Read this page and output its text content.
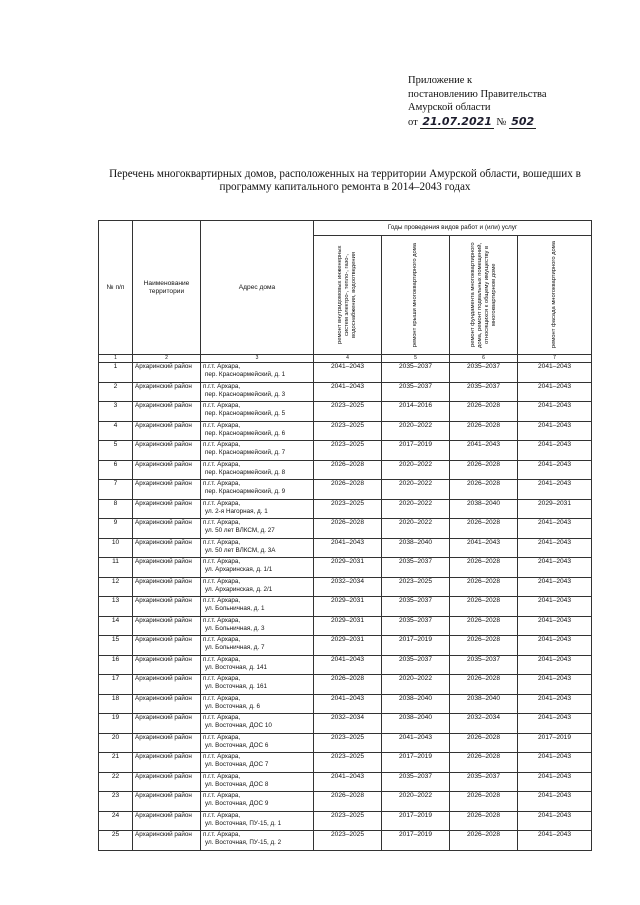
Приложение к
постановлению Правительства
Амурской области
от 21.07.2021 № 502
Перечень многоквартирных домов, расположенных на территории Амурской области, вошедших в программу капитального ремонта в 2014–2043 годах
№ п/п	Наименование территории	Адрес дома	Годы проведения видов работ и (или) услуг			

			ремонт внутридомовых инженерных систем электро-, тепло-, газо-, водоснабжения, водоотведения	ремонт крыши многоквартирного дома	ремонт фундамента многоквартирного дома, ремонт подвальных помещений, относящихся к общему имуществу в многоквартирном доме	ремонт фасада многоквартирного дома

1	2	3	4	5	6	7
1	Архаринский район	п.г.т. Архара,
пер. Красноармейский, д. 1	2041–2043	2035–2037	2035–2037	2041–2043
2	Архаринский район	п.г.т. Архара,
пер. Красноармейский, д. 3	2041–2043	2035–2037	2035–2037	2041–2043
3	Архаринский район	п.г.т. Архара,
пер. Красноармейский, д. 5	2023–2025	2014–2016	2026–2028	2041–2043
4	Архаринский район	п.г.т. Архара,
пер. Красноармейский, д. 6	2023–2025	2020–2022	2026–2028	2041–2043
5	Архаринский район	п.г.т. Архара,
пер. Красноармейский, д. 7	2023–2025	2017–2019	2041–2043	2041–2043
6	Архаринский район	п.г.т. Архара,
пер. Красноармейский, д. 8	2026–2028	2020–2022	2026–2028	2041–2043
7	Архаринский район	п.г.т. Архара,
пер. Красноармейский, д. 9	2026–2028	2020–2022	2026–2028	2041–2043
8	Архаринский район	п.г.т. Архара,
ул. 2-я Нагорная, д. 1	2023–2025	2020–2022	2038–2040	2029–2031
9	Архаринский район	п.г.т. Архара,
ул. 50 лет ВЛКСМ, д. 27	2026–2028	2020–2022	2026–2028	2041–2043
10	Архаринский район	п.г.т. Архара,
ул. 50 лет ВЛКСМ, д. 3А	2041–2043	2038–2040	2041–2043	2041–2043
11	Архаринский район	п.г.т. Архара,
ул. Архаринская, д. 1/1	2029–2031	2035–2037	2026–2028	2041–2043
12	Архаринский район	п.г.т. Архара,
ул. Архаринская, д. 2/1	2032–2034	2023–2025	2026–2028	2041–2043
13	Архаринский район	п.г.т. Архара,
ул. Больничная, д. 1	2029–2031	2035–2037	2026–2028	2041–2043
14	Архаринский район	п.г.т. Архара,
ул. Больничная, д. 3	2029–2031	2035–2037	2026–2028	2041–2043
15	Архаринский район	п.г.т. Архара,
ул. Больничная, д. 7	2029–2031	2017–2019	2026–2028	2041–2043
16	Архаринский район	п.г.т. Архара,
ул. Восточная, д. 141	2041–2043	2035–2037	2035–2037	2041–2043
17	Архаринский район	п.г.т. Архара,
ул. Восточная, д. 161	2026–2028	2020–2022	2026–2028	2041–2043
18	Архаринский район	п.г.т. Архара,
ул. Восточная, д. 6	2041–2043	2038–2040	2038–2040	2041–2043
19	Архаринский район	п.г.т. Архара,
ул. Восточная, ДОС 10	2032–2034	2038–2040	2032–2034	2041–2043
20	Архаринский район	п.г.т. Архара,
ул. Восточная, ДОС 6	2023–2025	2041–2043	2026–2028	2017–2019
21	Архаринский район	п.г.т. Архара,
ул. Восточная, ДОС 7	2023–2025	2017–2019	2026–2028	2041–2043
22	Архаринский район	п.г.т. Архара,
ул. Восточная, ДОС 8	2041–2043	2035–2037	2035–2037	2041–2043
23	Архаринский район	п.г.т. Архара,
ул. Восточная, ДОС 9	2026–2028	2020–2022	2026–2028	2041–2043
24	Архаринский район	п.г.т. Архара,
ул. Восточная, ПУ-15, д. 1	2023–2025	2017–2019	2026–2028	2041–2043
25	Архаринский район	п.г.т. Архара,
ул. Восточная, ПУ-15, д. 2	2023–2025	2017–2019	2026–2028	2041–2043
